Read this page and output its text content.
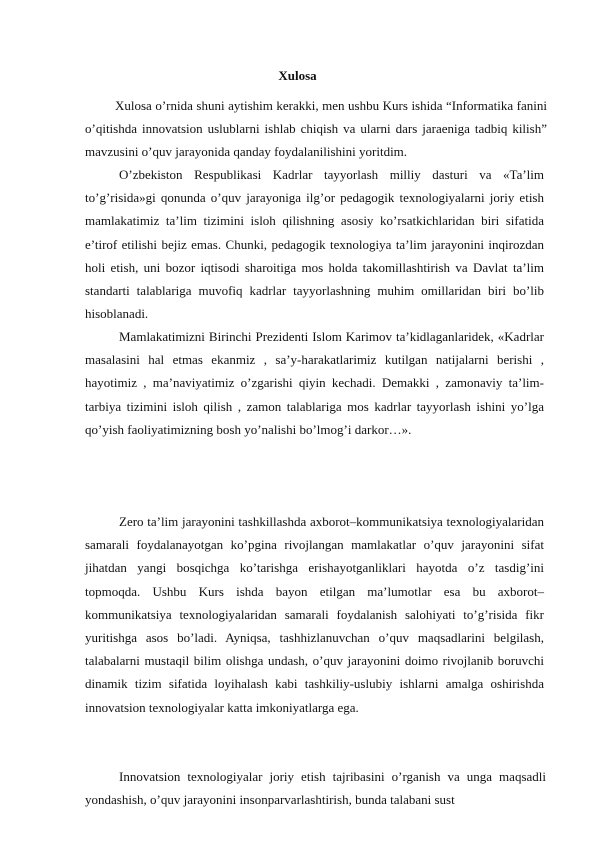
Xulosa

Xulosa o’rnida shuni aytishim kerakki, men ushbu Kurs ishida “Informatika fanini o’qitishda innovatsion uslublarni ishlab chiqish va ularni dars jaraeniga tadbiq kilish” mavzusini o’quv jarayonida qanday foydalanilishini yoritdim.

O’zbekiston Respublikasi Kadrlar tayyorlash milliy dasturi va «Ta’lim to’g’risida»gi qonunda o’quv jarayoniga ilg’or pedagogik texnologiyalarni joriy etish mamlakatimiz ta’lim tizimini isloh qilishning asosiy ko’rsatkichlaridan biri sifatida e’tirof etilishi bejiz emas. Chunki, pedagogik texnologiya ta’lim jarayonini inqirozdan holi etish, uni bozor iqtisodi sharoitiga mos holda takomillashtirish va Davlat ta’lim standarti talablariga muvofiq kadrlar tayyorlashning muhim omillaridan biri bo’lib hisoblanadi.

Mamlakatimizni Birinchi Prezidenti Islom Karimov ta’kidlaganlaridek, «Kadrlar masalasini hal etmas ekanmiz , sa’y-harakatlarimiz kutilgan natijalarni berishi , hayotimiz , ma’naviyatimiz o’zgarishi qiyin kechadi. Demakki , zamonaviy ta’lim-tarbiya tizimini isloh qilish , zamon talablariga mos kadrlar tayyorlash ishini yo’lga qo’yish faoliyatimizning bosh yo’nalishi bo’lmog’i darkor…».

Zero ta’lim jarayonini tashkillashda axborot–kommunikatsiya texnologiyalaridan samarali foydalanayotgan ko’pgina rivojlangan mamlakatlar o’quv jarayonini sifat jihatdan yangi bosqichga ko’tarishga erishayotganliklari hayotda o’z tasdig’ini topmoqda. Ushbu Kurs ishda bayon etilgan ma’lumotlar esa bu axborot–kommunikatsiya texnologiyalaridan samarali foydalanish salohiyati to’g’risida fikr yuritishga asos bo’ladi. Ayniqsa, tashhizlanuvchan o’quv maqsadlarini belgilash, talabalarni mustaqil bilim olishga undash, o’quv jarayonini doimo rivojlanib boruvchi dinamik tizim sifatida loyihalash kabi tashkiliy-uslubiy ishlarni amalga oshirishda innovatsion texnologiyalar katta imkoniyatlarga ega.

Innovatsion texnologiyalar joriy etish tajribasini o’rganish va unga maqsadli yondashish, o’quv jarayonini insonparvarlashtirish, bunda talabani sust
